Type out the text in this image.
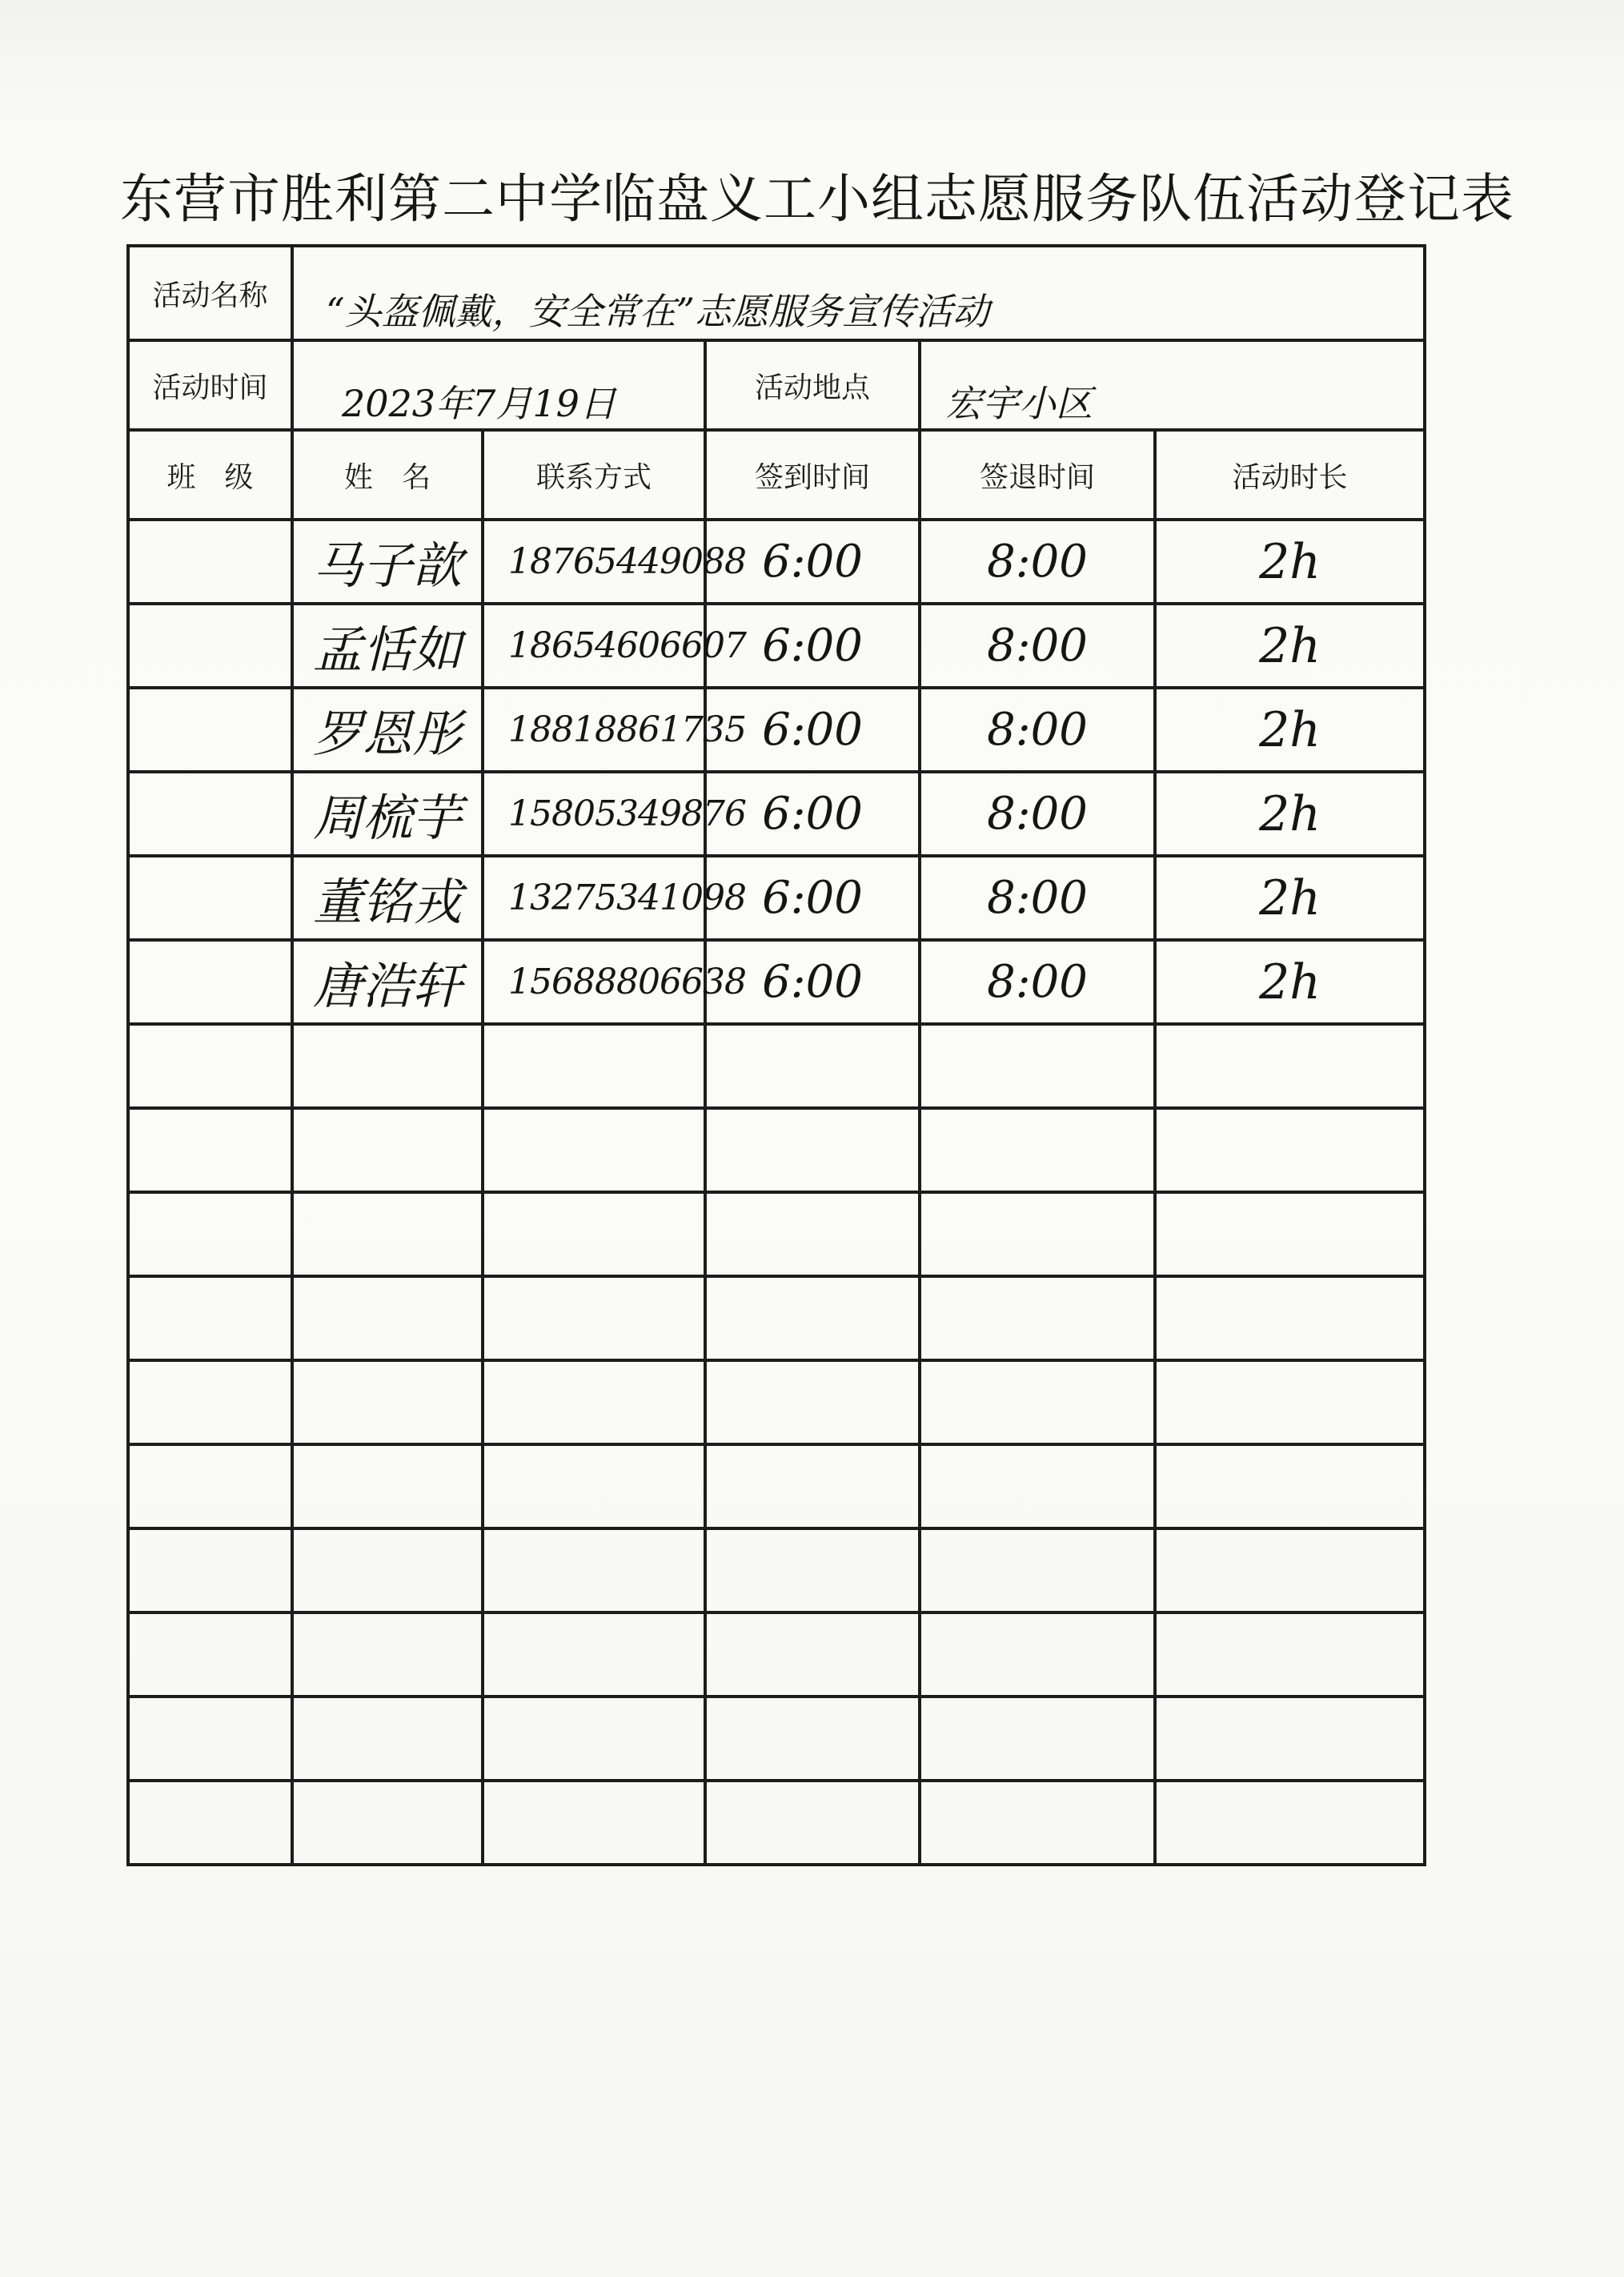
东营市胜利第二中学临盘义工小组志愿服务队伍活动登记表
活动名称	“头盔佩戴，安全常在”志愿服务宣传活动				
活动时间	2023年7月19日		活动地点	宏宇小区	
班　级	姓　名	联系方式	签到时间	签退时间	活动时长
	马子歆	18765449088	6:00	8:00	2h
	孟恬如	18654606607	6:00	8:00	2h
	罗恩彤	18818861735	6:00	8:00	2h
	周梳芋	15805349876	6:00	8:00	2h
	董铭戎	13275341098	6:00	8:00	2h
	唐浩轩	15688806638	6:00	8:00	2h
